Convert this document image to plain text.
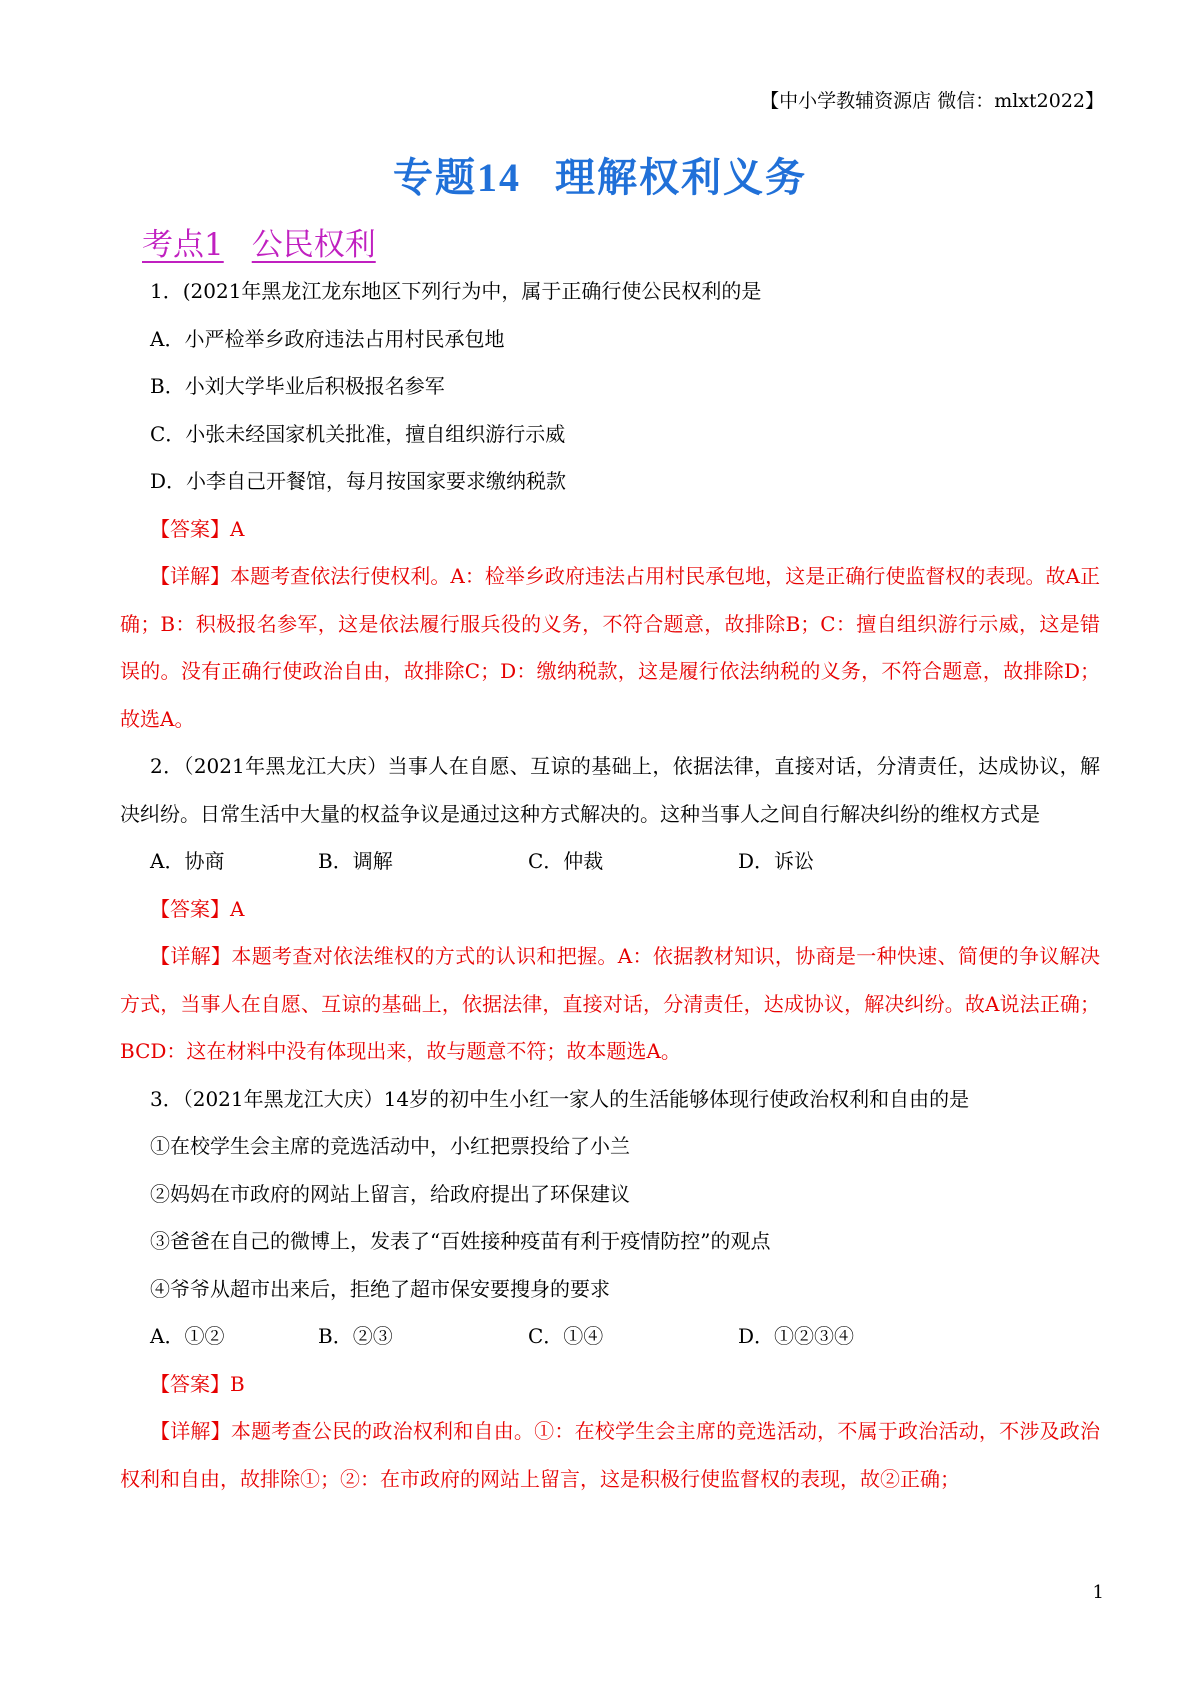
【中小学教辅资源店 微信：mlxt2022】
专题14 理解权利义务
考点1 公民权利
1．(2021年黑龙江龙东地区下列行为中，属于正确行使公民权利的是
A．小严检举乡政府违法占用村民承包地
B．小刘大学毕业后积极报名参军
C．小张未经国家机关批准，擅自组织游行示威
D．小李自己开餐馆，每月按国家要求缴纳税款
【答案】A
【详解】本题考查依法行使权利。A：检举乡政府违法占用村民承包地，这是正确行使监督权的表现。故A正确；B：积极报名参军，这是依法履行服兵役的义务，不符合题意，故排除B；C：擅自组织游行示威，这是错误的。没有正确行使政治自由，故排除C；D：缴纳税款，这是履行依法纳税的义务，不符合题意，故排除D；故选A。
2．（2021年黑龙江大庆）当事人在自愿、互谅的基础上，依据法律，直接对话，分清责任，达成协议，解决纠纷。日常生活中大量的权益争议是通过这种方式解决的。这种当事人之间自行解决纠纷的维权方式是
A．协商	B．调解	C．仲裁	D．诉讼
【答案】A
【详解】本题考查对依法维权的方式的认识和把握。A：依据教材知识，协商是一种快速、简便的争议解决方式，当事人在自愿、互谅的基础上，依据法律，直接对话，分清责任，达成协议，解决纠纷。故A说法正确；BCD：这在材料中没有体现出来，故与题意不符；故本题选A。
3．（2021年黑龙江大庆）14岁的初中生小红一家人的生活能够体现行使政治权利和自由的是
①在校学生会主席的竞选活动中，小红把票投给了小兰
②妈妈在市政府的网站上留言，给政府提出了环保建议
③爸爸在自己的微博上，发表了“百姓接种疫苗有利于疫情防控”的观点
④爷爷从超市出来后，拒绝了超市保安要搜身的要求
A．①②	B．②③	C．①④	D．①②③④
【答案】B
【详解】本题考查公民的政治权利和自由。①：在校学生会主席的竞选活动，不属于政治活动，不涉及政治权利和自由，故排除①；②：在市政府的网站上留言，这是积极行使监督权的表现，故②正确；
1
